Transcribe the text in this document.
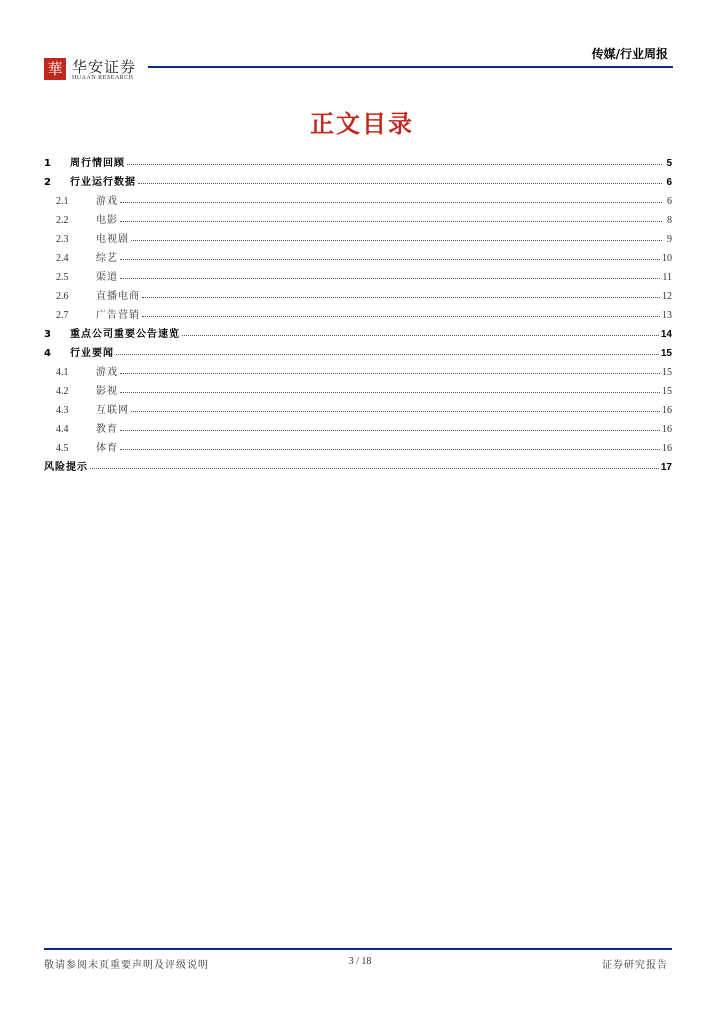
華 华安证券
HUAAN RESEARCH
传媒/行业周报
正文目录
1	周行情回顾	5
2	行业运行数据	6
2.1	游戏	6
2.2	电影	8
2.3	电视剧	9
2.4	综艺	10
2.5	渠道	11
2.6	直播电商	12
2.7	广告营销	13
3	重点公司重要公告速览	14
4	行业要闻	15
4.1	游戏	15
4.2	影视	15
4.3	互联网	16
4.4	教育	16
4.5	体育	16
风险提示	17
敬请参阅末页重要声明及评级说明	3 / 18	证券研究报告
